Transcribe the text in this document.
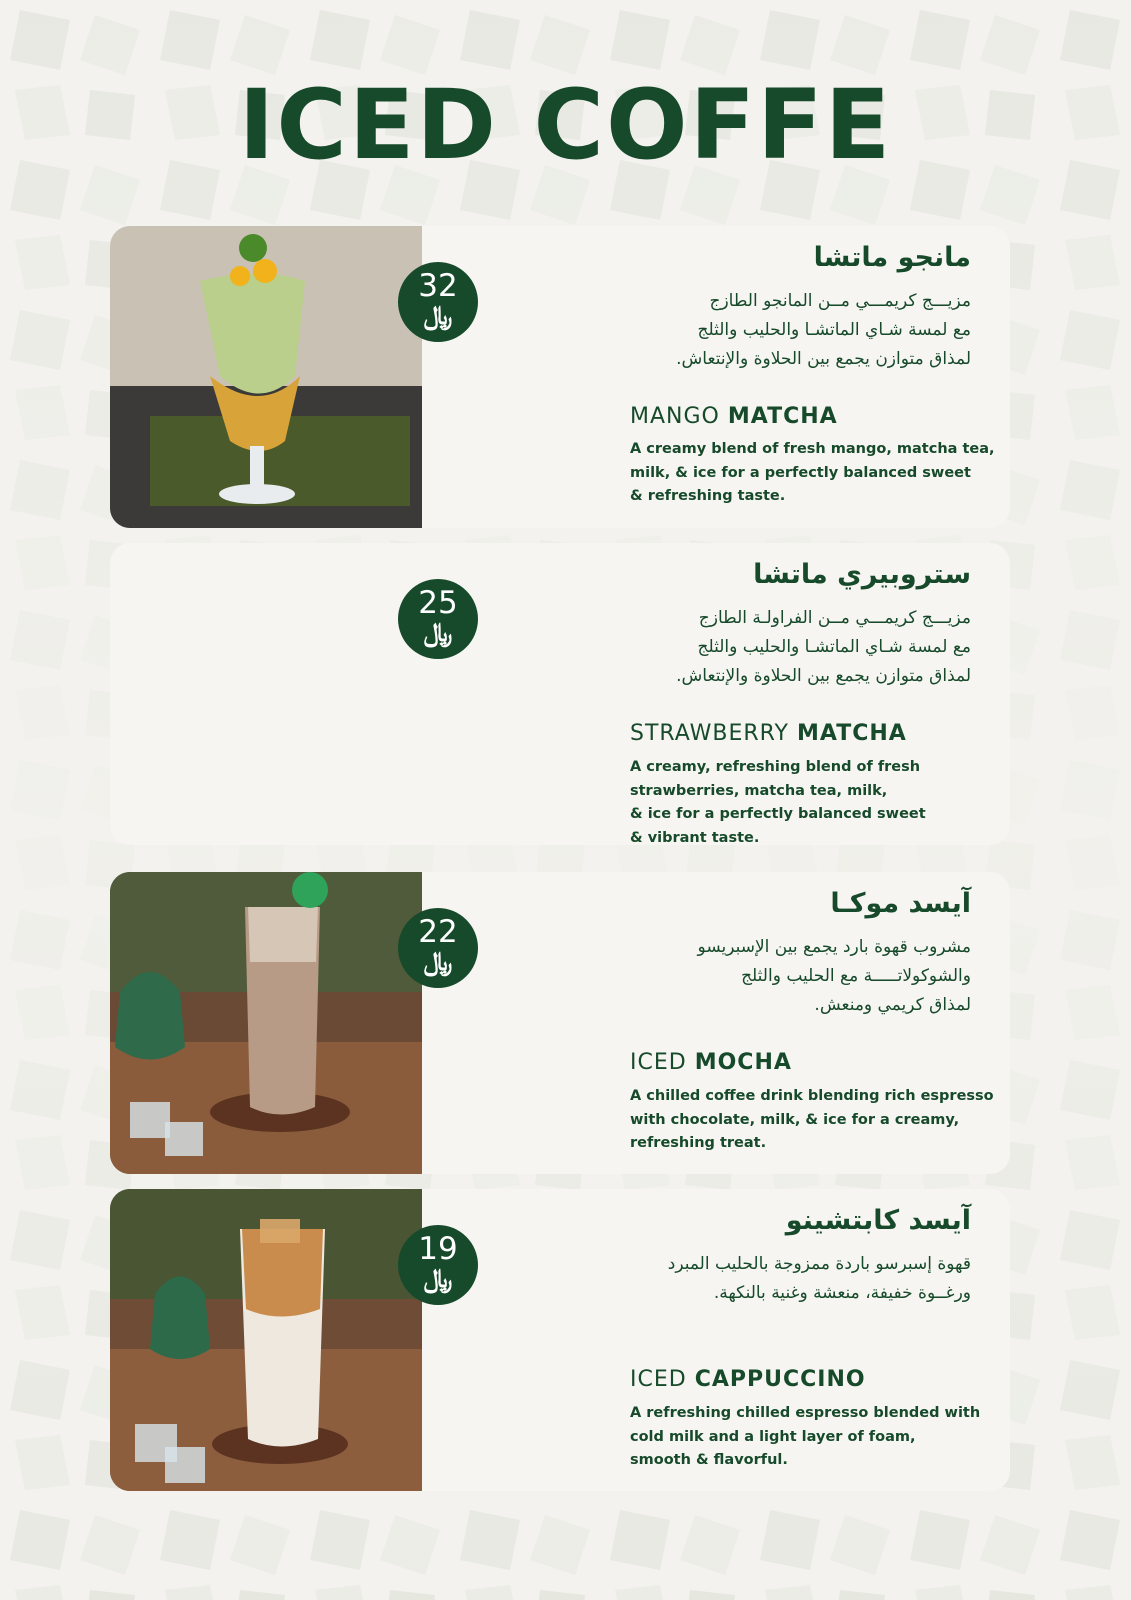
ICED COFFE
32
﷼
مانجو ماتشا
مزيـــج كريمـــي مــن المانجو الطازج
مع لمسة شـاي الماتشـا والحليب والثلج
لمذاق متوازن يجمع بين الحلاوة والإنتعاش.
MANGO MATCHA
A creamy blend of fresh mango, matcha tea,
milk, & ice for a perfectly balanced sweet
& refreshing taste.
25
﷼
ستروبيري ماتشا
مزيـــج كريمـــي مــن الفراولـة الطازج
مع لمسة شـاي الماتشـا والحليب والثلج
لمذاق متوازن يجمع بين الحلاوة والإنتعاش.
STRAWBERRY MATCHA
A creamy, refreshing blend of fresh
strawberries, matcha tea, milk,
& ice for a perfectly balanced sweet
& vibrant taste.
22
﷼
آيسد موكـا
مشروب قهوة بارد يجمع بين الإسبريسو
والشوكولاتـــــة مع الحليب والثلج
لمذاق كريمي ومنعش.
ICED MOCHA
A chilled coffee drink blending rich espresso
with chocolate, milk, & ice for a creamy,
refreshing treat.
19
﷼
آيسد كابتشينو
قهوة إسبرسو باردة ممزوجة بالحليب المبرد
ورغــوة خفيفة، منعشة وغنية بالنكهة.
ICED CAPPUCCINO
A refreshing chilled espresso blended with
cold milk and a light layer of foam,
smooth & flavorful.
